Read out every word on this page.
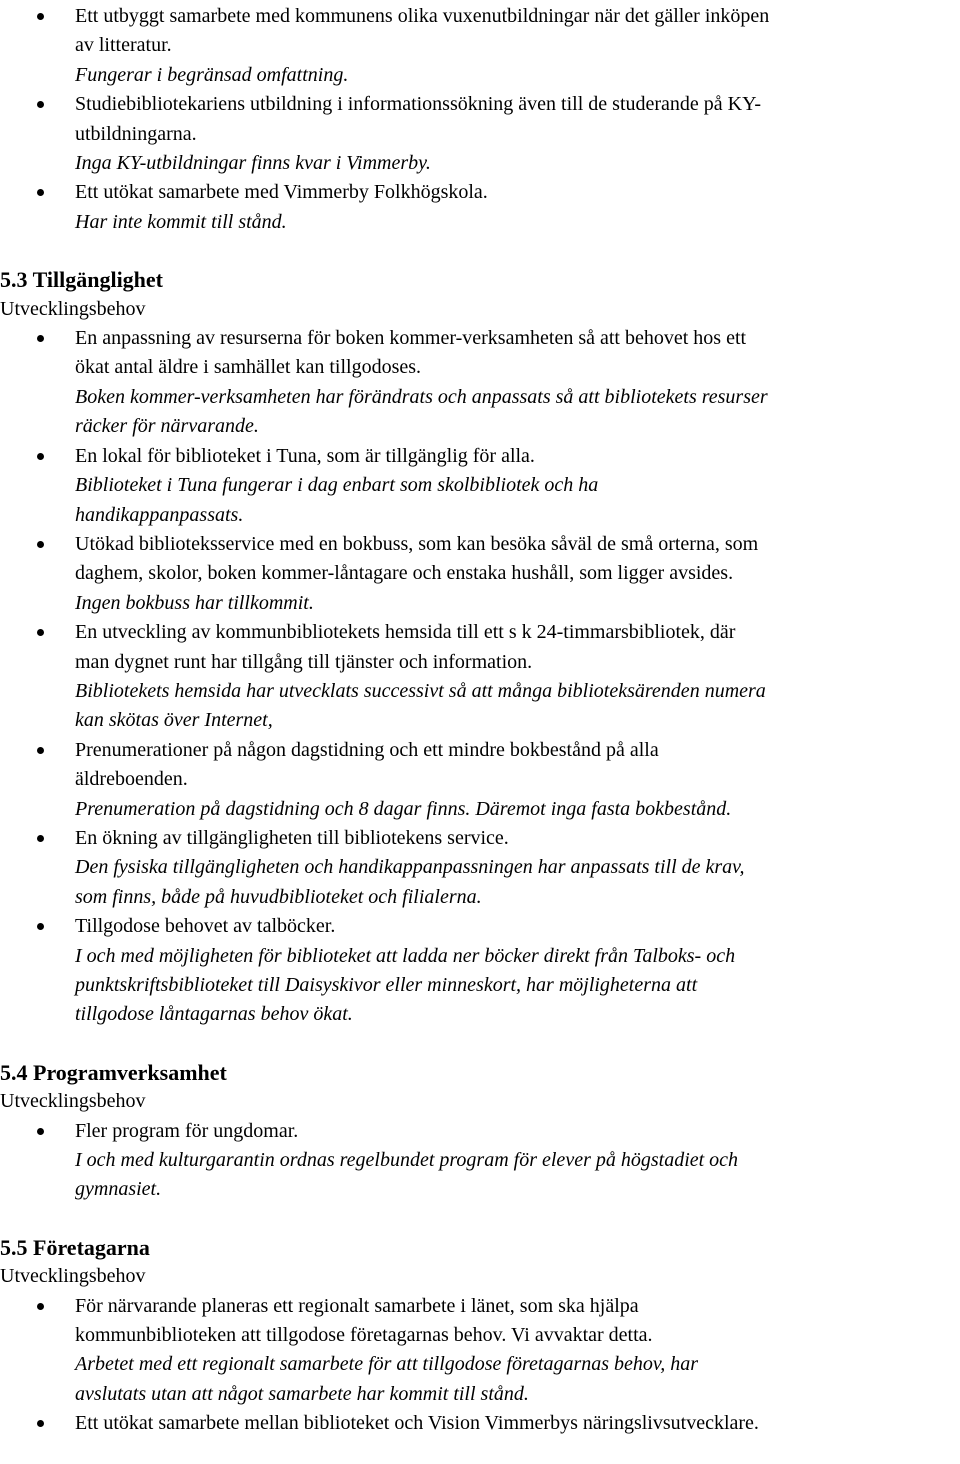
Ett utbyggt samarbete med kommunens olika vuxenutbildningar när det gäller inköpen
av litteratur.
Fungerar i begränsad omfattning.
Studiebibliotekariens utbildning i informationssökning även till de studerande på KY-
utbildningarna.
Inga KY-utbildningar finns kvar i Vimmerby.
Ett utökat samarbete med Vimmerby Folkhögskola.
Har inte kommit till stånd.
5.3 Tillgänglighet
Utvecklingsbehov
En anpassning av resurserna för boken kommer-verksamheten så att behovet hos ett
ökat antal äldre i samhället kan tillgodoses.
Boken kommer-verksamheten har förändrats och anpassats så att bibliotekets resurser
räcker för närvarande.
En lokal för biblioteket i Tuna, som är tillgänglig för alla.
Biblioteket i Tuna fungerar i dag enbart som skolbibliotek och ha
handikappanpassats.
Utökad biblioteksservice med en bokbuss, som kan besöka såväl de små orterna, som
daghem, skolor, boken kommer-låntagare och enstaka hushåll, som ligger avsides.
Ingen bokbuss har tillkommit.
En utveckling av kommunbibliotekets hemsida till ett s k 24-timmarsbibliotek, där
man dygnet runt har tillgång till tjänster och information.
Bibliotekets hemsida har utvecklats successivt så att många biblioteksärenden numera
kan skötas över Internet,
Prenumerationer på någon dagstidning och ett mindre bokbestånd på alla
äldreboenden.
Prenumeration på dagstidning och 8 dagar finns. Däremot inga fasta bokbestånd.
En ökning av tillgängligheten till bibliotekens service.
Den fysiska tillgängligheten och handikappanpassningen har anpassats till de krav,
som finns, både på huvudbiblioteket och filialerna.
Tillgodose behovet av talböcker.
I och med möjligheten för biblioteket att ladda ner böcker direkt från Talboks- och
punktskriftsbiblioteket till Daisyskivor eller minneskort, har möjligheterna att
tillgodose låntagarnas behov ökat.
5.4 Programverksamhet
Utvecklingsbehov
Fler program för ungdomar.
I och med kulturgarantin ordnas regelbundet program för elever på högstadiet och
gymnasiet.
5.5 Företagarna
Utvecklingsbehov
För närvarande planeras ett regionalt samarbete i länet, som ska hjälpa
kommunbiblioteken att tillgodose företagarnas behov. Vi avvaktar detta.
Arbetet med ett regionalt samarbete för att tillgodose företagarnas behov, har
avslutats utan att något samarbete har kommit till stånd.
Ett utökat samarbete mellan biblioteket och Vision Vimmerbys näringslivsutvecklare.
